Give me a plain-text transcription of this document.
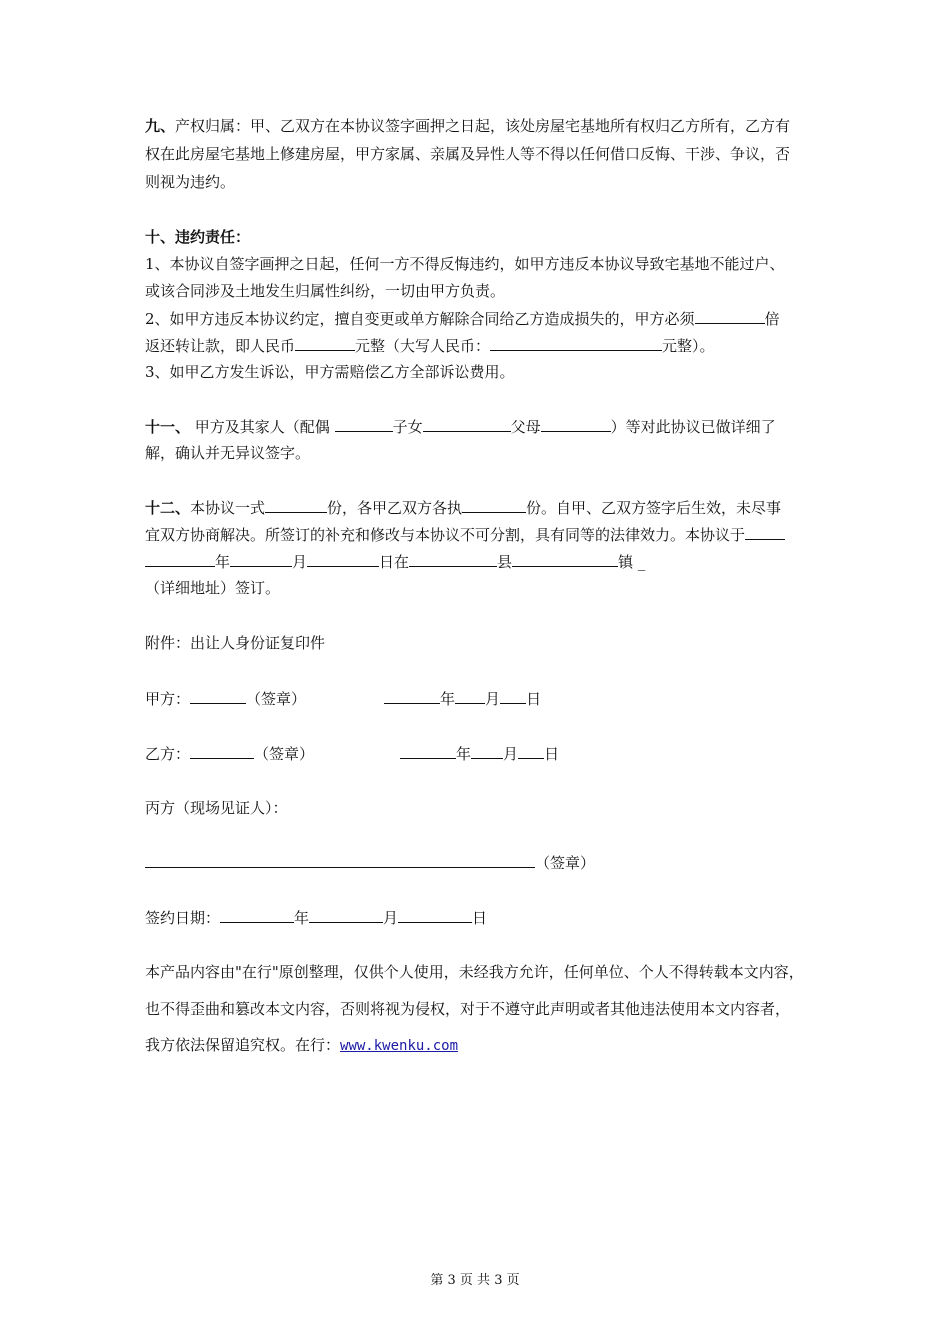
九、产权归属：甲、乙双方在本协议签字画押之日起，该处房屋宅基地所有权归乙方所有，乙方有

权在此房屋宅基地上修建房屋，甲方家属、亲属及异性人等不得以任何借口反悔、干涉、争议，否

则视为违约。

十、违约责任：

1、本协议自签字画押之日起，任何一方不得反悔违约，如甲方违反本协议导致宅基地不能过户、

或该合同涉及土地发生归属性纠纷，一切由甲方负责。

2、如甲方违反本协议约定，擅自变更或单方解除合同给乙方造成损失的，甲方必须	倍

返还转让款，即人民币	元整（大写人民币：	元整）。

3、如甲乙方发生诉讼，甲方需赔偿乙方全部诉讼费用。

十一、 甲方及其家人（配偶	子女	父母	）等对此协议已做详细了

解，确认并无异议签字。

十二、本协议一式	份，各甲乙双方各执	份。自甲、乙双方签字后生效，未尽事

宜双方协商解决。所签订的补充和修改与本协议不可分割，具有同等的法律效力。本协议于

年	月	日在	县	镇 _

（详细地址）签订。

附件：出让人身份证复印件

甲方：	（签章）	年 月 日

乙方：	（签章）	年 月 日

丙方（现场见证人）：

（签章）

签约日期：	年	月	日

本产品内容由"在行"原创整理，仅供个人使用，未经我方允许，任何单位、个人不得转载本文内容，

也不得歪曲和篡改本文内容，否则将视为侵权，对于不遵守此声明或者其他违法使用本文内容者，

我方依法保留追究权。在行：www.kwenku.com

第 3 页 共 3 页
